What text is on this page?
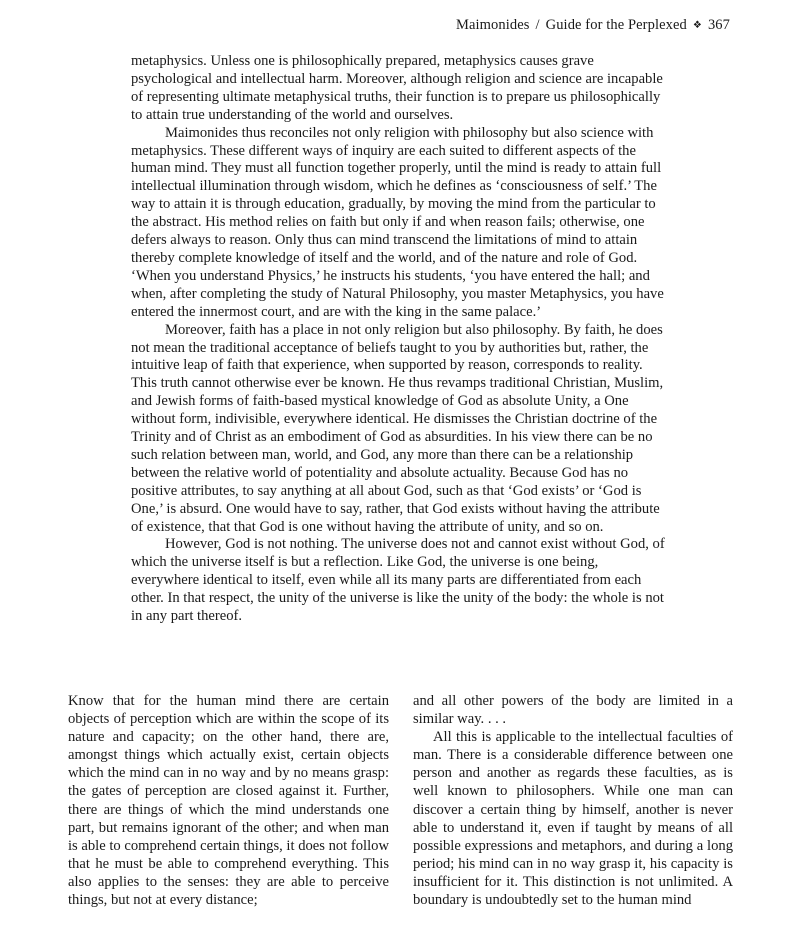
Maimonides / Guide for the Perplexed ❖ 367

metaphysics. Unless one is philosophically prepared, metaphysics causes grave psychological and intellectual harm. Moreover, although religion and science are incapable of representing ultimate metaphysical truths, their function is to prepare us philosophically to attain true understanding of the world and ourselves.

Maimonides thus reconciles not only religion with philosophy but also science with metaphysics. These different ways of inquiry are each suited to different aspects of the human mind. They must all function together properly, until the mind is ready to attain full intellectual illumination through wisdom, which he defines as ‘consciousness of self.’ The way to attain it is through education, gradually, by moving the mind from the particular to the abstract. His method relies on faith but only if and when reason fails; otherwise, one defers always to reason. Only thus can mind transcend the limitations of mind to attain thereby complete knowledge of itself and the world, and of the nature and role of God. ‘When you understand Physics,’ he instructs his students, ‘you have entered the hall; and when, after completing the study of Natural Philosophy, you master Metaphysics, you have entered the innermost court, and are with the king in the same palace.’

Moreover, faith has a place in not only religion but also philosophy. By faith, he does not mean the traditional acceptance of beliefs taught to you by authorities but, rather, the intuitive leap of faith that experience, when supported by reason, corresponds to reality. This truth cannot otherwise ever be known. He thus revamps traditional Christian, Muslim, and Jewish forms of faith-based mystical knowledge of God as absolute Unity, a One without form, indivisible, everywhere identical. He dismisses the Christian doctrine of the Trinity and of Christ as an embodiment of God as absurdities. In his view there can be no such relation between man, world, and God, any more than there can be a relationship between the relative world of potentiality and absolute actuality. Because God has no positive attributes, to say anything at all about God, such as that ‘God exists’ or ‘God is One,’ is absurd. One would have to say, rather, that God exists without having the attribute of existence, that that God is one without having the attribute of unity, and so on.

However, God is not nothing. The universe does not and cannot exist without God, of which the universe itself is but a reflection. Like God, the universe is one being, everywhere identical to itself, even while all its many parts are differentiated from each other. In that respect, the unity of the universe is like the unity of the body: the whole is not in any part thereof.

Know that for the human mind there are certain objects of perception which are within the scope of its nature and capacity; on the other hand, there are, amongst things which actually exist, certain objects which the mind can in no way and by no means grasp: the gates of perception are closed against it. Further, there are things of which the mind understands one part, but remains ignorant of the other; and when man is able to comprehend certain things, it does not follow that he must be able to comprehend everything. This also applies to the senses: they are able to perceive things, but not at every distance;

and all other powers of the body are limited in a similar way. . . .

All this is applicable to the intellectual faculties of man. There is a considerable difference between one person and another as regards these faculties, as is well known to philosophers. While one man can discover a certain thing by himself, another is never able to understand it, even if taught by means of all possible expressions and metaphors, and during a long period; his mind can in no way grasp it, his capacity is insufficient for it. This distinction is not unlimited. A boundary is undoubtedly set to the human mind
